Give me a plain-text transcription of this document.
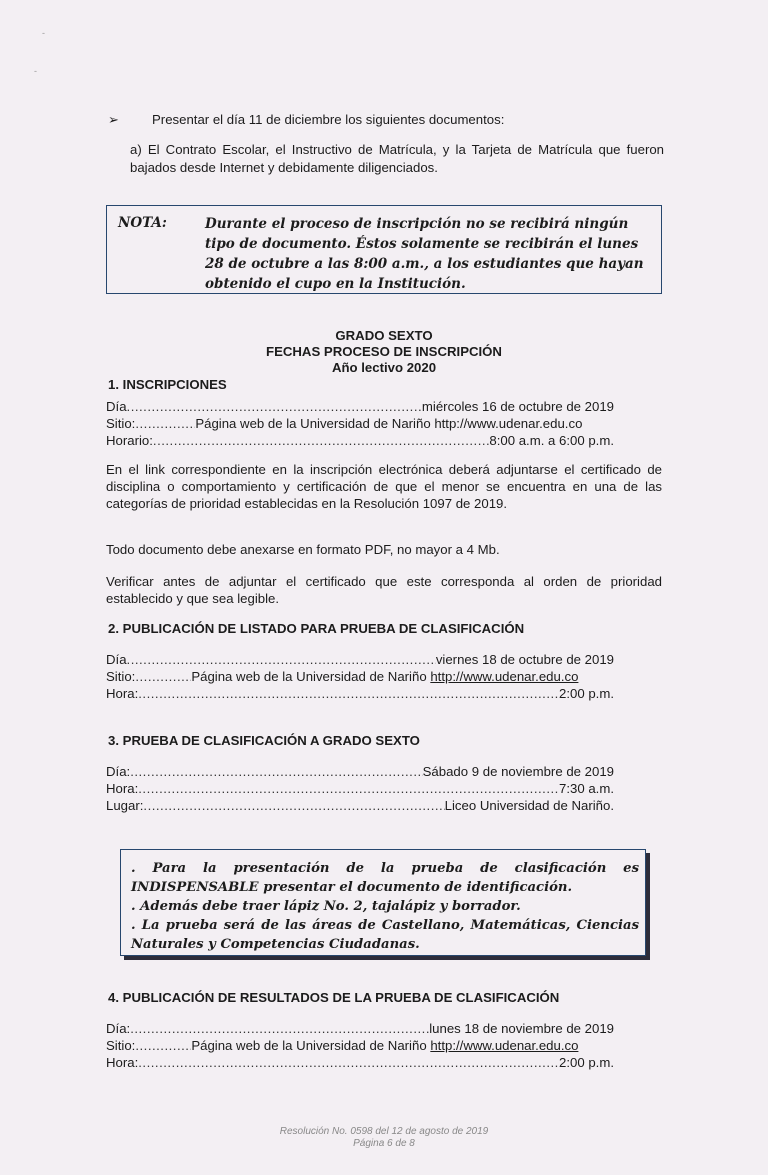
-
-
➢ Presentar el día 11 de diciembre los siguientes documentos:
a) El Contrato Escolar, el Instructivo de Matrícula, y la Tarjeta de Matrícula que fueron bajados desde Internet y debidamente diligenciados.
NOTA:	Durante el proceso de inscripción no se recibirá ningún tipo de documento. Éstos solamente se recibirán el lunes 28 de octubre a las 8:00 a.m., a los estudiantes que hayan obtenido el cupo en la Institución.
GRADO SEXTO
FECHAS PROCESO DE INSCRIPCIÓN
Año lectivo 2020
1. INSCRIPCIONES
Día .....	miércoles 16 de octubre de 2019
Sitio: .....	Página web de la Universidad de Nariño http://www.udenar.edu.co
Horario: .....	8:00 a.m. a 6:00 p.m.
En el link correspondiente en la inscripción electrónica deberá adjuntarse el certificado de disciplina o comportamiento y certificación de que el menor se encuentra en una de las categorías de prioridad establecidas en la Resolución 1097 de 2019.
Todo documento debe anexarse en formato PDF, no mayor a 4 Mb.
Verificar antes de adjuntar el certificado que este corresponda al orden de prioridad establecido y que sea legible.
2. PUBLICACIÓN DE LISTADO PARA PRUEBA DE CLASIFICACIÓN
Día .....	viernes 18 de octubre de 2019
Sitio: .....	Página web de la Universidad de Nariño http://www.udenar.edu.co
Hora: .....	2:00 p.m.
3. PRUEBA DE CLASIFICACIÓN A GRADO SEXTO
Día: .....	Sábado 9 de noviembre de 2019
Hora: .....	7:30 a.m.
Lugar: .....	Liceo Universidad de Nariño.
. Para la presentación de la prueba de clasificación es INDISPENSABLE presentar el documento de identificación.
. Además debe traer lápiz No. 2, tajalápiz y borrador.
. La prueba será de las áreas de Castellano, Matemáticas, Ciencias Naturales y Competencias Ciudadanas.
4. PUBLICACIÓN DE RESULTADOS DE LA PRUEBA DE CLASIFICACIÓN
Día: .....	lunes 18 de noviembre de 2019
Sitio: .....	Página web de la Universidad de Nariño http://www.udenar.edu.co
Hora: .....	2:00 p.m.
Resolución No. 0598 del 12 de agosto de 2019
Página 6 de 8
